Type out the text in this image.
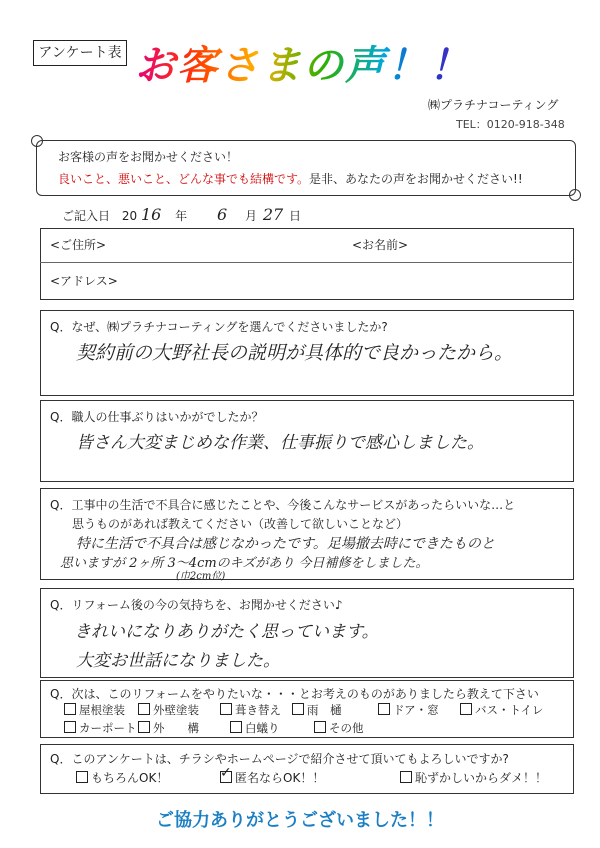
アンケート表 お客さまの声！！
㈱プラチナコーティング
TEL：0120-918-348
お客様の声をお聞かせください！
良いこと、悪いこと、どんな事でも結構です。是非、あなたの声をお聞かせください!!
ご記入日 20 16 年 6 月 27 日
<ご住所>	<お名前>
<アドレス>
Q．なぜ、㈱プラチナコーティングを選んでくださいましたか?
契約前の大野社長の説明が具体的で良かったから。
Q．職人の仕事ぶりはいかがでしたか？
皆さん大変まじめな作業、仕事振りで感心しました。
Q．工事中の生活で不具合に感じたことや、今後こんなサービスがあったらいいな…と
思うものがあれば教えてください（改善して欲しいことなど）
特に生活で不具合は感じなかったです。足場撤去時にできたものと
思いますが 2ヶ所 3～4cmのキズがあり 今日補修をしました。
(巾2cm位)
Q．リフォーム後の今の気持ちを、お聞かせください♪
きれいになりありがたく思っています。
大変お世話になりました。
Q．次は、このリフォームをやりたいな・・・とお考えのものがありましたら教えて下さい
屋根塗装	外壁塗装	葺き替え	雨　樋	ドア・窓	バス・トイレ
カーポート	外　　構	白蟻り	その他
Q．このアンケートは、チラシやホームページで紹介させて頂いてもよろしいですか?
もちろんOK！	✓ 匿名ならOK！！	恥ずかしいからダメ！！
ご協力ありがとうございました！！
